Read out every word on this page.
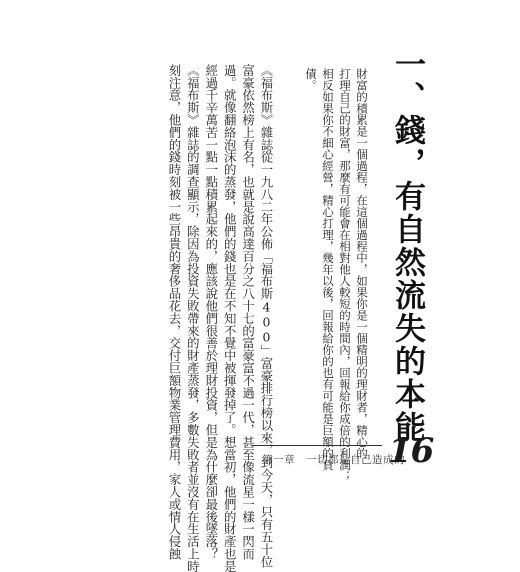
一、錢，有自然流失的本能
財富的積累是一個過程，在這個過程中，如果你是一個精明的理財者，精心的
打理自己的財富，那麼有可能會在相對他人較短的時間內，回報給你成倍的利潤；
相反如果你不細心經營，精心打理，幾年以後，回報給你的也有可能是巨額的負
債。
《福布斯》雜誌從一九八二年公佈「福布斯400」富豪排行榜以來，到今天，只有五十位
富豪依然榜上有名，也就是說高達百分之八十七的富豪富不過一代，甚至像流星一樣一閃而
過。就像翻絡泡沫的蒸發，他們的錢也是在不知不覺中被揮發掉了。想當初，他們的財產也是
經過千辛萬苦一點一點積累起來的，應該說他們很善於理財投資，但是為什麼卻最後墜落？
《福布斯》雜誌的調查顯示，除因為投資失敗帶來的財產蒸發，多數失敗者並沒有在生活上時
刻注意，他們的錢時刻被一些昂貴的奢侈品花去，交付巨額物業管理費用，家人或情人侵蝕	第一章　一切都是自己造成的
16
